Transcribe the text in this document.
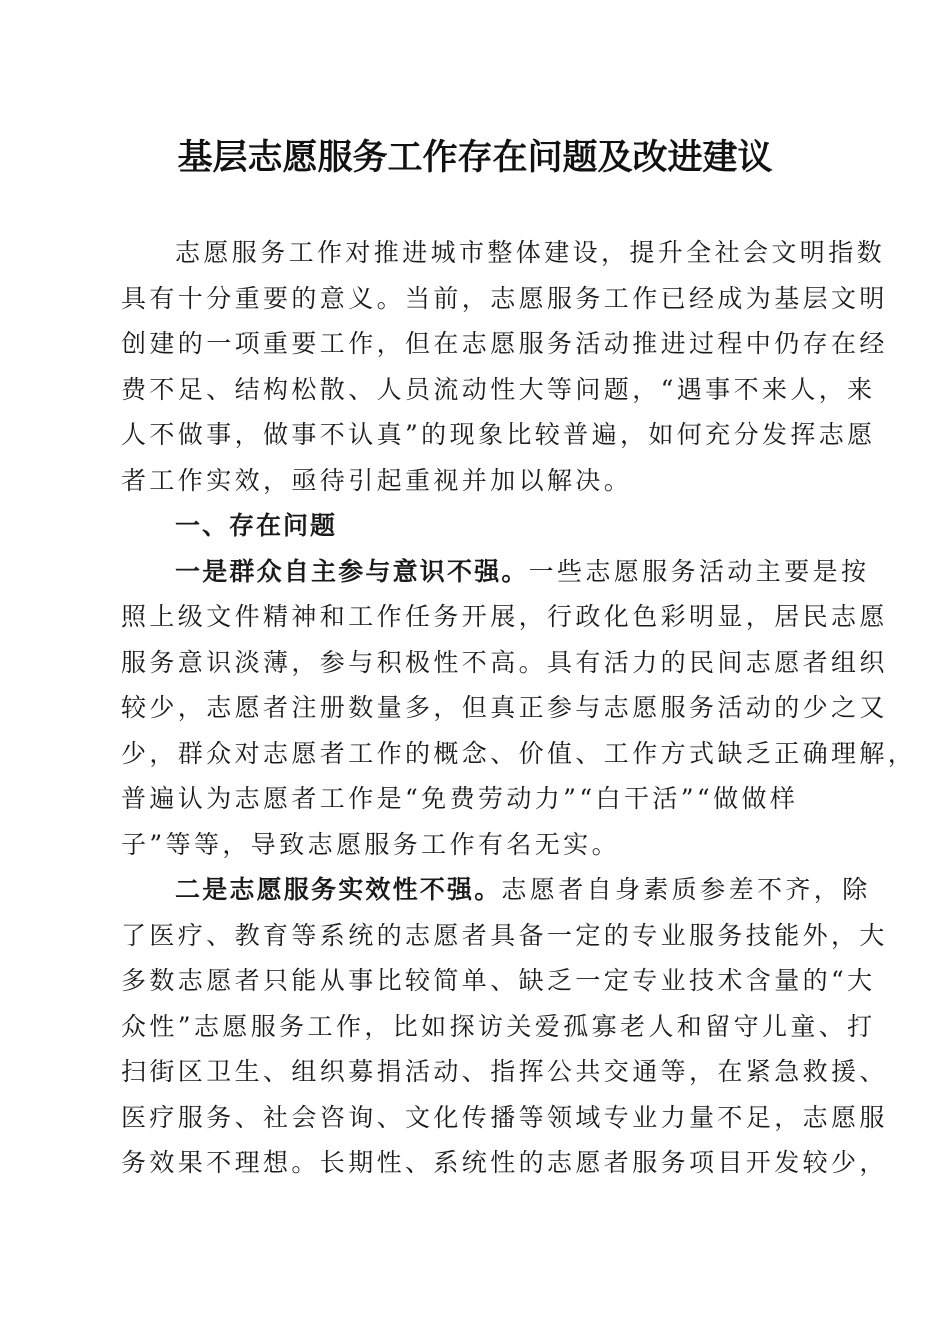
基层志愿服务工作存在问题及改进建议
志愿服务工作对推进城市整体建设，提升全社会文明指数
具有十分重要的意义。当前，志愿服务工作已经成为基层文明
创建的一项重要工作，但在志愿服务活动推进过程中仍存在经
费不足、结构松散、人员流动性大等问题，“遇事不来人，来
人不做事，做事不认真”的现象比较普遍，如何充分发挥志愿
者工作实效，亟待引起重视并加以解决。
一、存在问题
一是群众自主参与意识不强。一些志愿服务活动主要是按
照上级文件精神和工作任务开展，行政化色彩明显，居民志愿
服务意识淡薄，参与积极性不高。具有活力的民间志愿者组织
较少，志愿者注册数量多，但真正参与志愿服务活动的少之又
少，群众对志愿者工作的概念、价值、工作方式缺乏正确理解，
普遍认为志愿者工作是“免费劳动力”“白干活”“做做样
子”等等，导致志愿服务工作有名无实。
二是志愿服务实效性不强。志愿者自身素质参差不齐，除
了医疗、教育等系统的志愿者具备一定的专业服务技能外，大
多数志愿者只能从事比较简单、缺乏一定专业技术含量的“大
众性”志愿服务工作，比如探访关爱孤寡老人和留守儿童、打
扫街区卫生、组织募捐活动、指挥公共交通等，在紧急救援、
医疗服务、社会咨询、文化传播等领域专业力量不足，志愿服
务效果不理想。长期性、系统性的志愿者服务项目开发较少，
